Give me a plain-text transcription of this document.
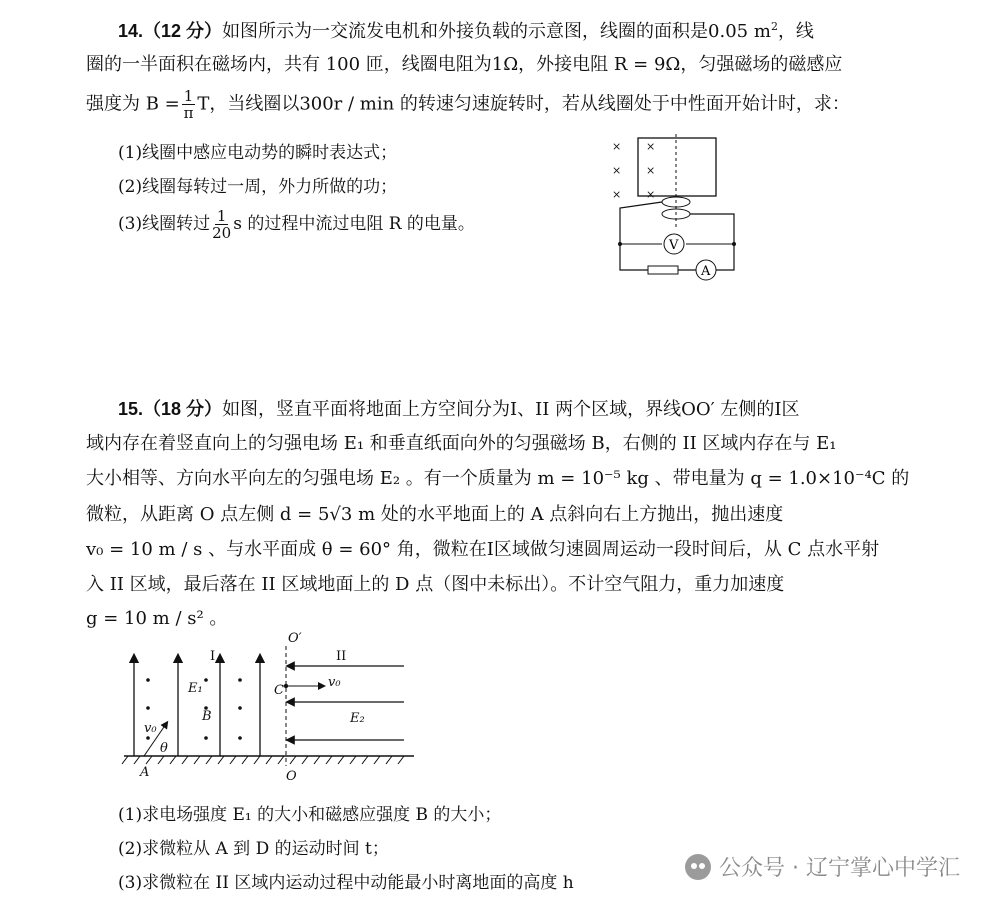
14.（12 分）如图所示为一交流发电机和外接负载的示意图，线圈的面积是0.05 $m^2$，线
圈的一半面积在磁场内，共有 100 匝，线圈电阻为1Ω，外接电阻 R = 9Ω，匀强磁场的磁感应
强度为 $B = \frac{1}{\pi}$ T，当线圈以300r / min 的转速匀速旋转时，若从线圈处于中性面开始计时，求：
(1)线圈中感应电动势的瞬时表达式；
(2)线圈每转过一周，外力所做的功；
(3)线圈转过 $\frac{1}{20}$ s 的过程中流过电阻 R 的电量。
×
×
×
×
×
×
V
A
15.（18 分）如图，竖直平面将地面上方空间分为Ⅰ、II 两个区域，界线OO′ 左侧的Ⅰ区
域内存在着竖直向上的匀强电场 E₁ 和垂直纸面向外的匀强磁场 B，右侧的 II 区域内存在与 E₁
大小相等、方向水平向左的匀强电场 E₂ 。有一个质量为 m = 10⁻⁵ kg 、带电量为 q = 1.0×10⁻⁴C 的
微粒，从距离 O 点左侧 d = 5√3 m 处的水平地面上的 A 点斜向右上方抛出，抛出速度
v₀ = 10 m / s 、与水平面成 θ = 60° 角，微粒在Ⅰ区域做匀速圆周运动一段时间后，从 C 点水平射
入 II 区域，最后落在 II 区域地面上的 D 点（图中未标出）。不计空气阻力，重力加速度
g = 10 m / s² 。
I	II
O′
O
E₁
E₂
B
C
v₀
v₀
θ
A
(1)求电场强度 E₁ 的大小和磁感应强度 B 的大小；
(2)求微粒从 A 到 D 的运动时间 t；
(3)求微粒在 II 区域内运动过程中动能最小时离地面的高度 h
公众号 · 辽宁掌心中学汇
